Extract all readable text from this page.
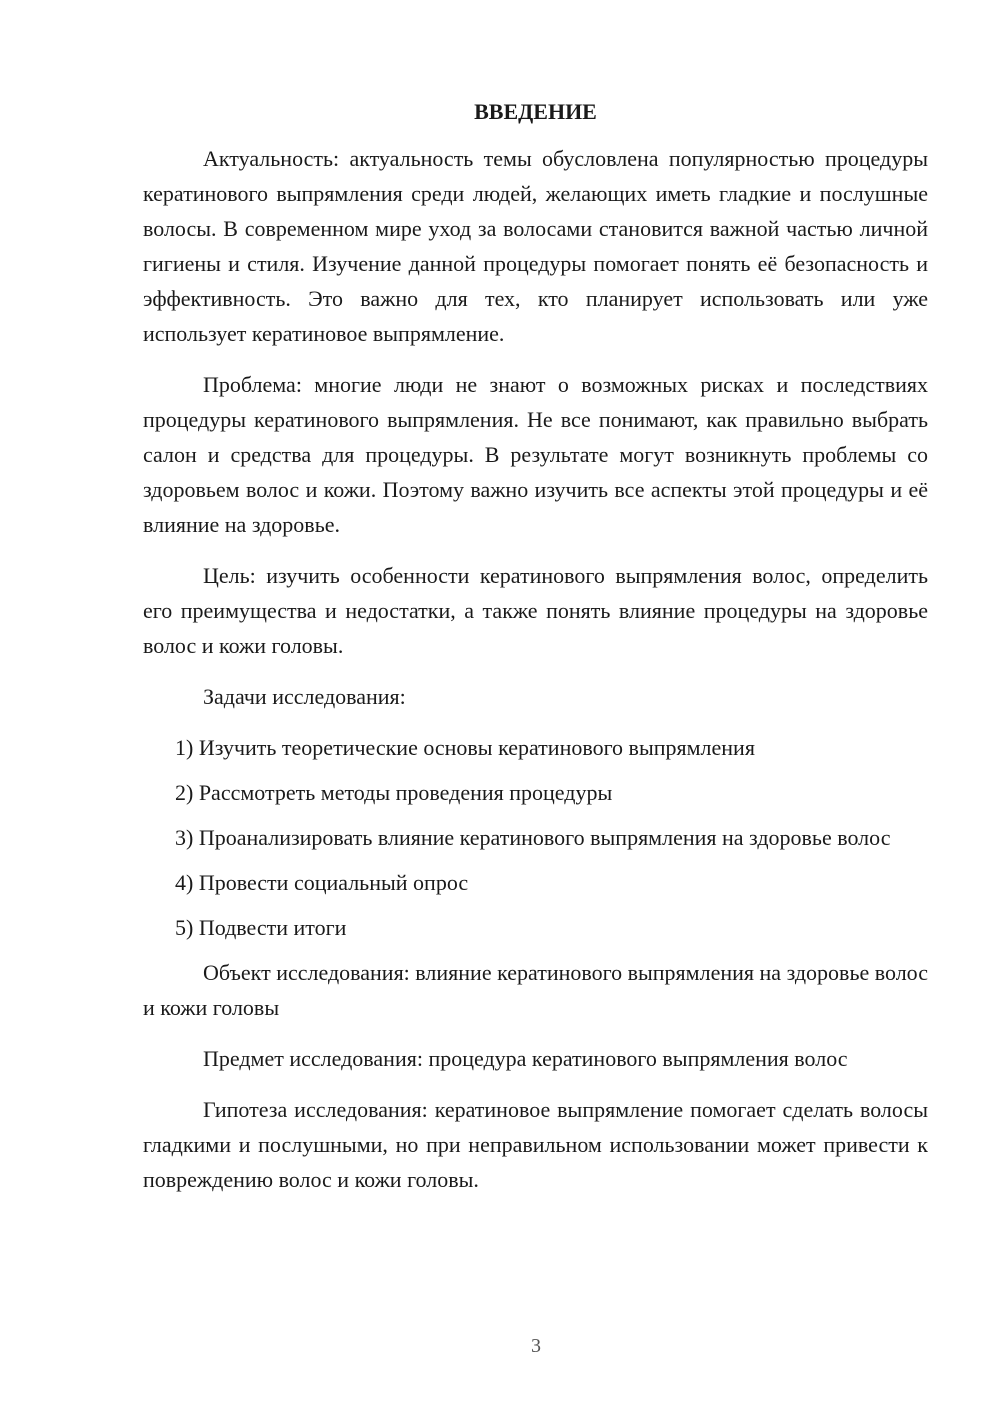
ВВЕДЕНИЕ

Актуальность: актуальность темы обусловлена популярностью процедуры кератинового выпрямления среди людей, желающих иметь гладкие и послушные волосы. В современном мире уход за волосами становится важной частью личной гигиены и стиля. Изучение данной процедуры помогает понять её безопасность и эффективность. Это важно для тех, кто планирует использовать или уже использует кератиновое выпрямление.

Проблема: многие люди не знают о возможных рисках и последствиях процедуры кератинового выпрямления. Не все понимают, как правильно выбрать салон и средства для процедуры. В результате могут возникнуть проблемы со здоровьем волос и кожи. Поэтому важно изучить все аспекты этой процедуры и её влияние на здоровье.

Цель: изучить особенности кератинового выпрямления волос, определить его преимущества и недостатки, а также понять влияние процедуры на здоровье волос и кожи головы.

Задачи исследования:

1) Изучить теоретические основы кератинового выпрямления

2) Рассмотреть методы проведения процедуры

3) Проанализировать влияние кератинового выпрямления на здоровье волос

4) Провести социальный опрос

5) Подвести итоги

Объект исследования: влияние кератинового выпрямления на здоровье волос и кожи головы

Предмет исследования: процедура кератинового выпрямления волос

Гипотеза исследования: кератиновое выпрямление помогает сделать волосы гладкими и послушными, но при неправильном использовании может привести к повреждению волос и кожи головы.

3
